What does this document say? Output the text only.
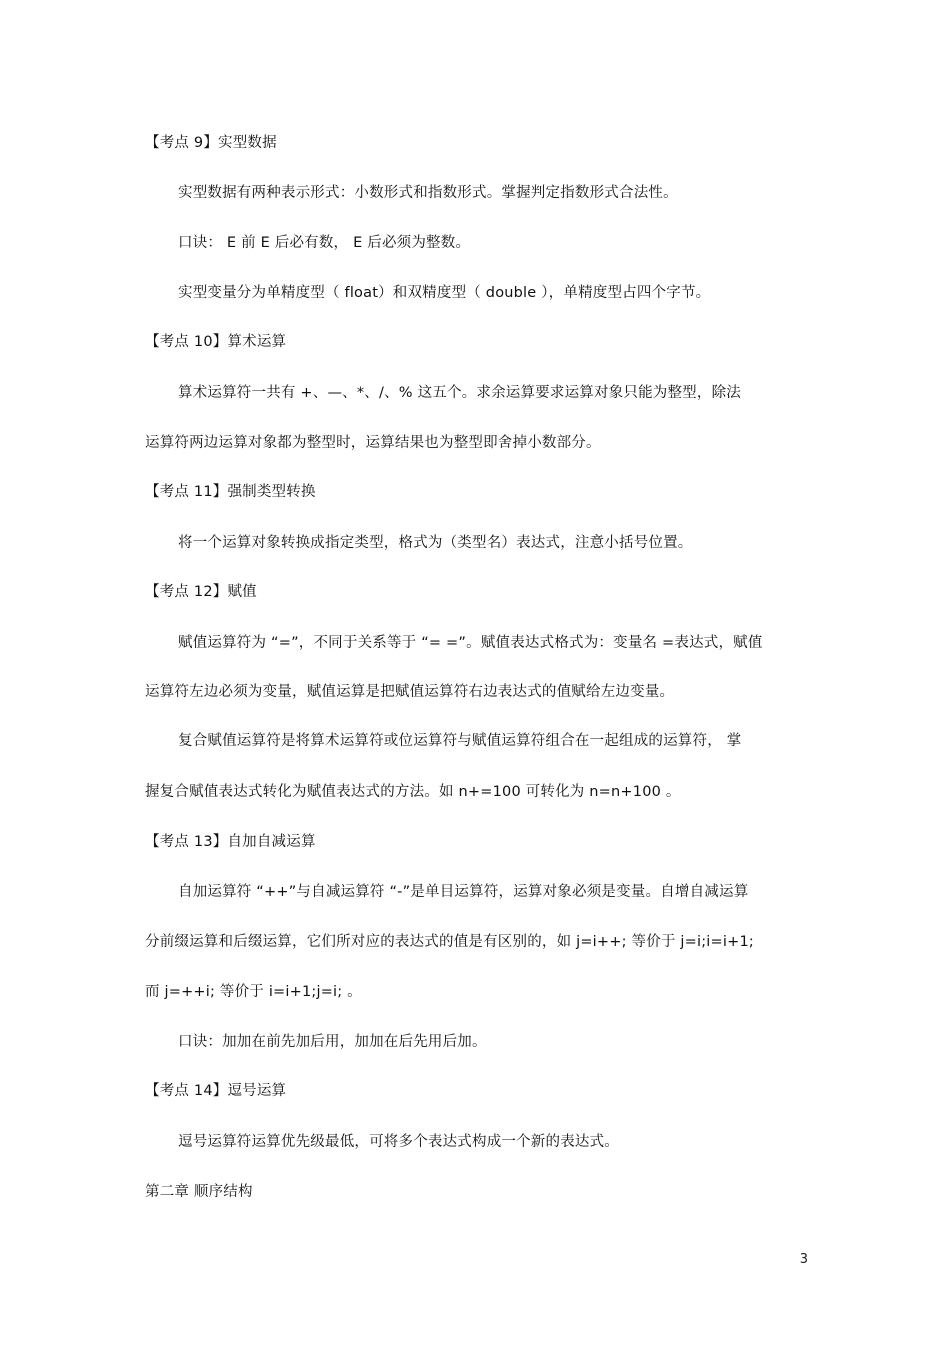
【考点 9】实型数据
实型数据有两种表示形式：小数形式和指数形式。掌握判定指数形式合法性。
口诀： E 前 E 后必有数， E 后必须为整数。
实型变量分为单精度型（ float）和双精度型（ double ），单精度型占四个字节。
【考点 10】算术运算
算术运算符一共有 +、—、*、/、% 这五个。求余运算要求运算对象只能为整型，除法
运算符两边运算对象都为整型时，运算结果也为整型即舍掉小数部分。
【考点 11】强制类型转换
将一个运算对象转换成指定类型，格式为（类型名）表达式，注意小括号位置。
【考点 12】赋值
赋值运算符为 “=”，不同于关系等于 “= =”。赋值表达式格式为：变量名 =表达式，赋值
运算符左边必须为变量，赋值运算是把赋值运算符右边表达式的值赋给左边变量。
复合赋值运算符是将算术运算符或位运算符与赋值运算符组合在一起组成的运算符， 掌
握复合赋值表达式转化为赋值表达式的方法。如 n+=100 可转化为 n=n+100 。
【考点 13】自加自减运算
自加运算符 “++”与自减运算符 “-”是单目运算符，运算对象必须是变量。自增自减运算
分前缀运算和后缀运算，它们所对应的表达式的值是有区别的，如 j=i++; 等价于 j=i;i=i+1;
而 j=++i; 等价于 i=i+1;j=i; 。
口诀：加加在前先加后用，加加在后先用后加。
【考点 14】逗号运算
逗号运算符运算优先级最低，可将多个表达式构成一个新的表达式。
第二章 顺序结构
3
